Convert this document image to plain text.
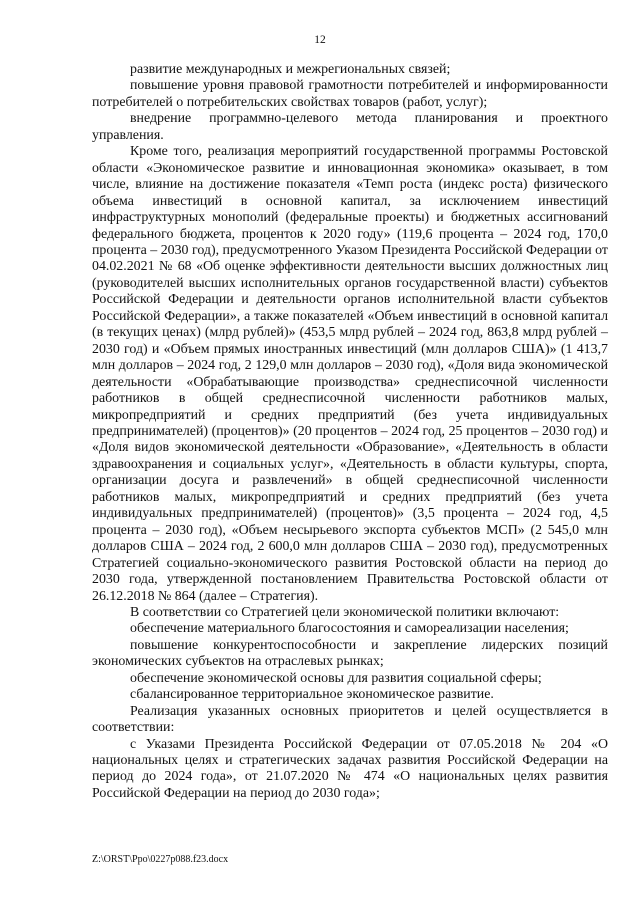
12

развитие международных и межрегиональных связей;

повышение уровня правовой грамотности потребителей и информированности потребителей о потребительских свойствах товаров (работ, услуг);

внедрение программно-целевого метода планирования и проектного управления.

Кроме того, реализация мероприятий государственной программы Ростовской области «Экономическое развитие и инновационная экономика» оказывает, в том числе, влияние на достижение показателя «Темп роста (индекс роста) физического объема инвестиций в основной капитал, за исключением инвестиций инфраструктурных монополий (федеральные проекты) и бюджетных ассигнований федерального бюджета, процентов к 2020 году» (119,6 процента – 2024 год, 170,0 процента – 2030 год), предусмотренного Указом Президента Российской Федерации от 04.02.2021 № 68 «Об оценке эффективности деятельности высших должностных лиц (руководителей высших исполнительных органов государственной власти) субъектов Российской Федерации и деятельности органов исполнительной власти субъектов Российской Федерации», а также показателей «Объем инвестиций в основной капитал (в текущих ценах) (млрд рублей)» (453,5 млрд рублей – 2024 год, 863,8 млрд рублей – 2030 год) и «Объем прямых иностранных инвестиций (млн долларов США)» (1 413,7 млн долларов – 2024 год, 2 129,0 млн долларов – 2030 год), «Доля вида экономической деятельности «Обрабатывающие производства» среднесписочной численности работников в общей среднесписочной численности работников малых, микропредприятий и средних предприятий (без учета индивидуальных предпринимателей) (процентов)» (20 процентов – 2024 год, 25 процентов – 2030 год) и «Доля видов экономической деятельности «Образование», «Деятельность в области здравоохранения и социальных услуг», «Деятельность в области культуры, спорта, организации досуга и развлечений» в общей среднесписочной численности работников малых, микропредприятий и средних предприятий (без учета индивидуальных предпринимателей) (процентов)» (3,5 процента – 2024 год, 4,5 процента – 2030 год), «Объем несырьевого экспорта субъектов МСП» (2 545,0 млн долларов США – 2024 год, 2 600,0 млн долларов США – 2030 год), предусмотренных Стратегией социально-экономического развития Ростовской области на период до 2030 года, утвержденной постановлением Правительства Ростовской области от 26.12.2018 № 864 (далее – Стратегия).

В соответствии со Стратегией цели экономической политики включают:

обеспечение материального благосостояния и самореализации населения;

повышение конкурентоспособности и закрепление лидерских позиций экономических субъектов на отраслевых рынках;

обеспечение экономической основы для развития социальной сферы;

сбалансированное территориальное экономическое развитие.

Реализация указанных основных приоритетов и целей осуществляется в соответствии:

с Указами Президента Российской Федерации от 07.05.2018 № 204 «О национальных целях и стратегических задачах развития Российской Федерации на период до 2024 года», от 21.07.2020 № 474 «О национальных целях развития Российской Федерации на период до 2030 года»;

Z:\ORST\Ppo\0227p088.f23.docx
